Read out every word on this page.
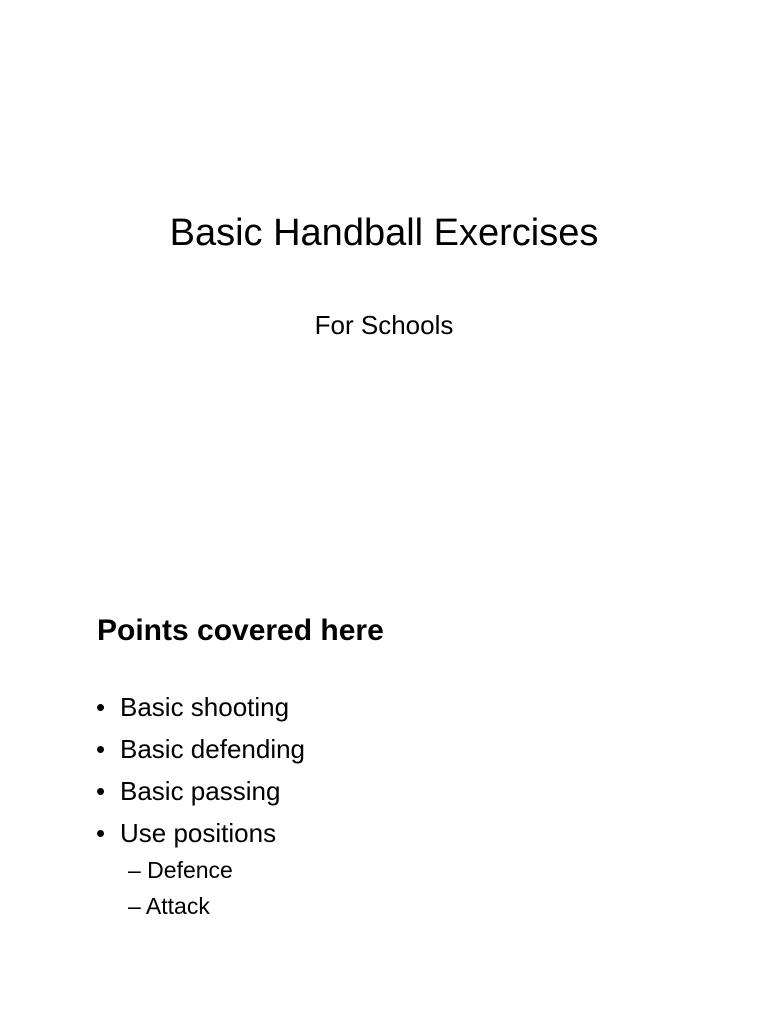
Basic Handball Exercises

For Schools

Points covered here
• Basic shooting
• Basic defending
• Basic passing
• Use positions
– Defence
– Attack
